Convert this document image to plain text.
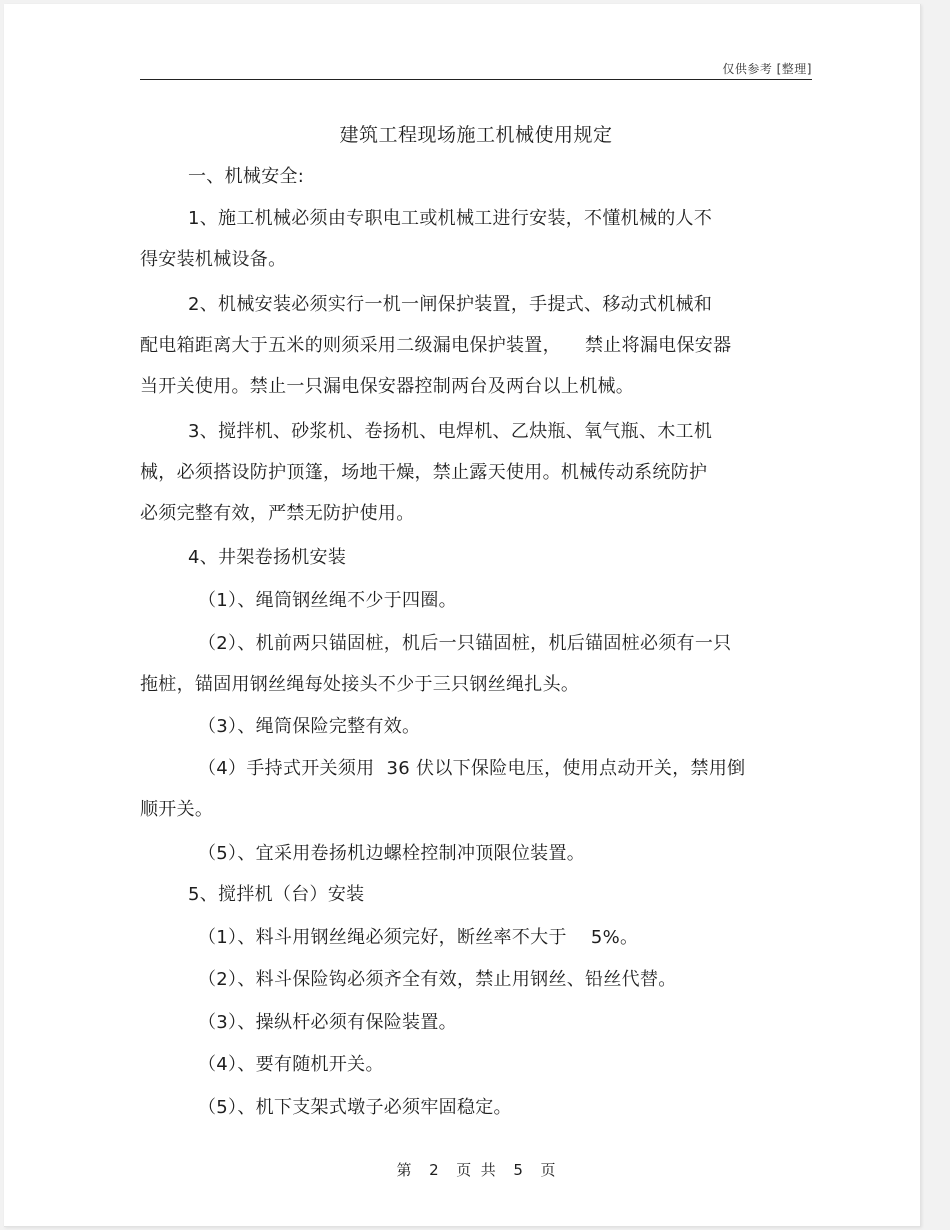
仅供参考 [整理]
建筑工程现场施工机械使用规定

一、机械安全:

1、施工机械必须由专职电工或机械工进行安装，不懂机械的人不
得安装机械设备。

2、机械安装必须实行一机一闸保护装置，手提式、移动式机械和
配电箱距离大于五米的则须采用二级漏电保护装置，    禁止将漏电保安器
当开关使用。禁止一只漏电保安器控制两台及两台以上机械。

3、搅拌机、砂浆机、卷扬机、电焊机、乙炔瓶、氧气瓶、木工机
械，必须搭设防护顶篷，场地干燥，禁止露天使用。机械传动系统防护
必须完整有效，严禁无防护使用。

4、井架卷扬机安装

（1）、绳筒钢丝绳不少于四圈。

（2）、机前两只锚固桩，机后一只锚固桩，机后锚固桩必须有一只
拖桩，锚固用钢丝绳每处接头不少于三只钢丝绳扎头。

（3）、绳筒保险完整有效。

（4）手持式开关须用  36 伏以下保险电压，使用点动开关，禁用倒
顺开关。

（5）、宜采用卷扬机边螺栓控制冲顶限位装置。

5、搅拌机（台）安装

（1）、料斗用钢丝绳必须完好，断丝率不大于    5%。

（2）、料斗保险钩必须齐全有效，禁止用钢丝、铅丝代替。

（3）、操纵杆必须有保险装置。

（4）、要有随机开关。

（5）、机下支架式墩子必须牢固稳定。

第 2 页  共 5 页
